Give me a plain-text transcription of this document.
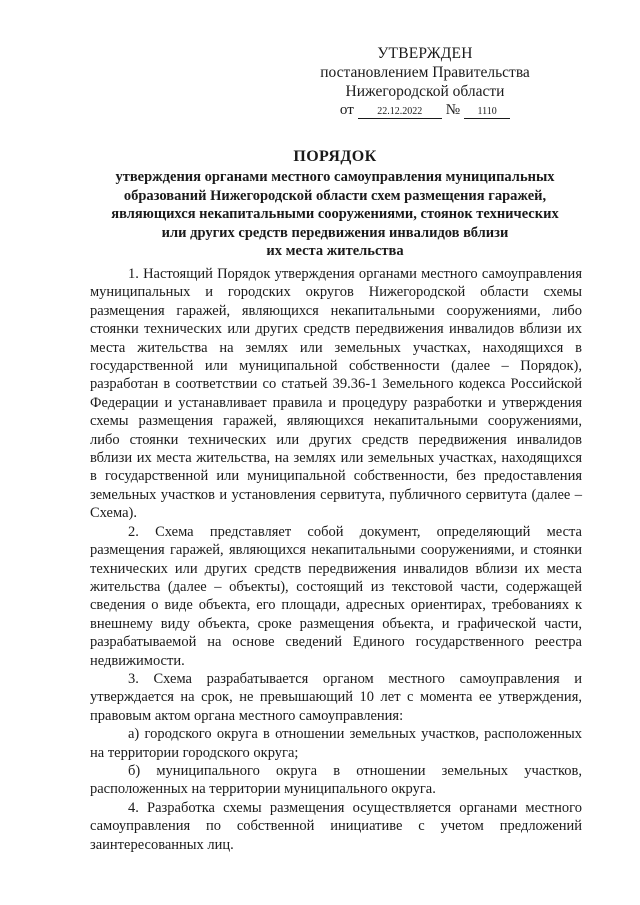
УТВЕРЖДЕН
постановлением Правительства
Нижегородской области
от	22.12.2022	№	1110
ПОРЯДОК
утверждения органами местного самоуправления муниципальных
образований Нижегородской области схем размещения гаражей,
являющихся некапитальными сооружениями, стоянок технических
или других средств передвижения инвалидов вблизи
их места жительства

1. Настоящий Порядок утверждения органами местного самоуправления муниципальных и городских округов Нижегородской области схемы размещения гаражей, являющихся некапитальными сооружениями, либо стоянки технических или других средств передвижения инвалидов вблизи их места жительства на землях или земельных участках, находящихся в государственной или муниципальной собственности (далее – Порядок), разработан в соответствии со статьей 39.36-1 Земельного кодекса Российской Федерации и устанавливает правила и процедуру разработки и утверждения схемы размещения гаражей, являющихся некапитальными сооружениями, либо стоянки технических или других средств передвижения инвалидов вблизи их места жительства, на землях или земельных участках, находящихся в государственной или муниципальной собственности, без предоставления земельных участков и установления сервитута, публичного сервитута (далее – Схема).

2. Схема представляет собой документ, определяющий места размещения гаражей, являющихся некапитальными сооружениями, и стоянки технических или других средств передвижения инвалидов вблизи их места жительства (далее – объекты), состоящий из текстовой части, содержащей сведения о виде объекта, его площади, адресных ориентирах, требованиях к внешнему виду объекта, сроке размещения объекта, и графической части, разрабатываемой на основе сведений Единого государственного реестра недвижимости.

3. Схема разрабатывается органом местного самоуправления и утверждается на срок, не превышающий 10 лет с момента ее утверждения, правовым актом органа местного самоуправления:

а) городского округа в отношении земельных участков, расположенных на территории городского округа;

б) муниципального округа в отношении земельных участков, расположенных на территории муниципального округа.

4. Разработка схемы размещения осуществляется органами местного самоуправления по собственной инициативе с учетом предложений заинтересованных лиц.
